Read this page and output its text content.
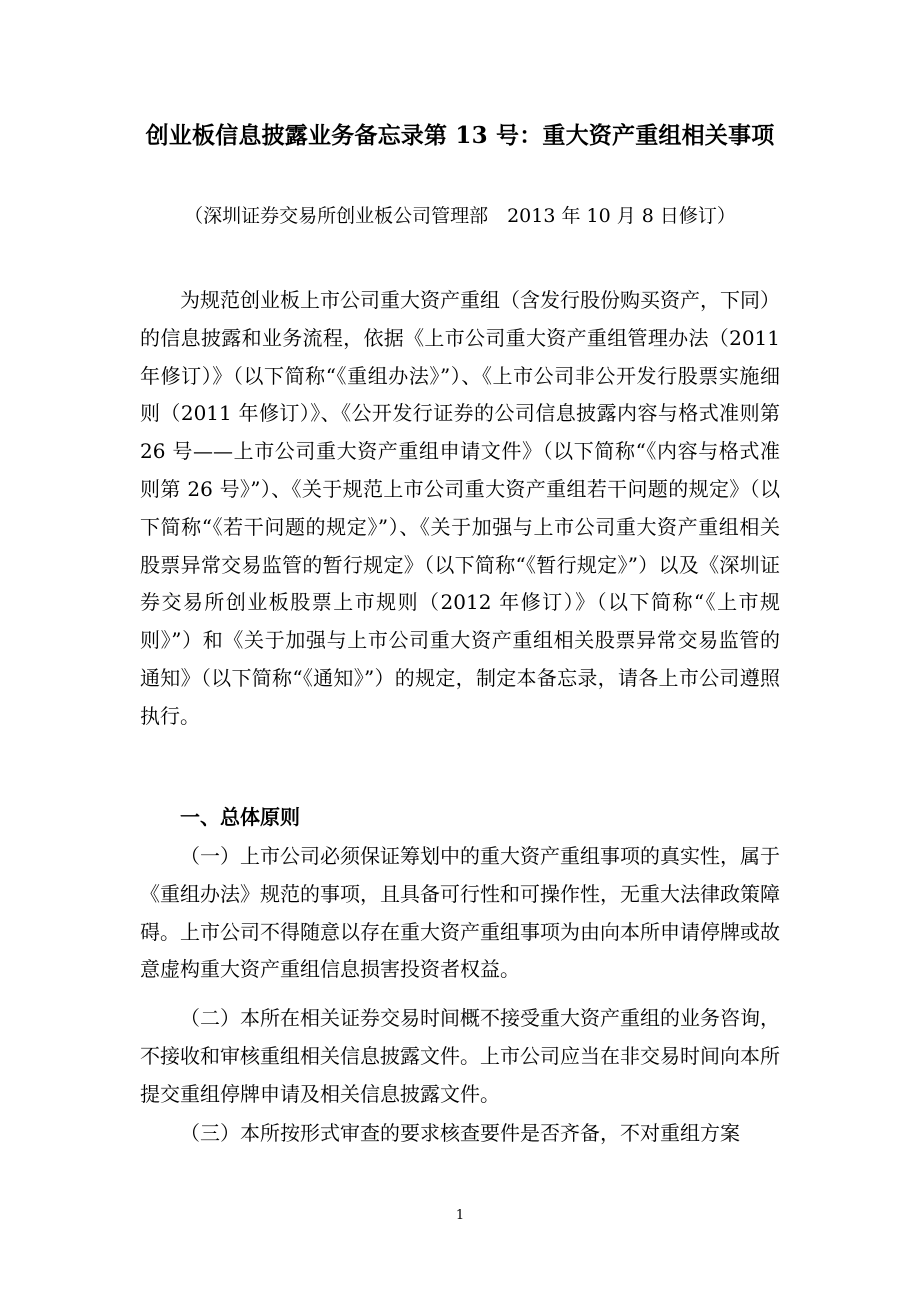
创业板信息披露业务备忘录第 13 号：重大资产重组相关事项
（深圳证券交易所创业板公司管理部　2013 年 10 月 8 日修订）

为规范创业板上市公司重大资产重组（含发行股份购买资产，下同）的信息披露和业务流程，依据《上市公司重大资产重组管理办法（2011 年修订）》（以下简称“《重组办法》”）、《上市公司非公开发行股票实施细则（2011 年修订）》、《公开发行证券的公司信息披露内容与格式准则第 26 号——上市公司重大资产重组申请文件》（以下简称“《内容与格式准则第 26 号》”）、《关于规范上市公司重大资产重组若干问题的规定》（以下简称“《若干问题的规定》”）、《关于加强与上市公司重大资产重组相关股票异常交易监管的暂行规定》（以下简称“《暂行规定》”）以及《深圳证券交易所创业板股票上市规则（2012 年修订）》（以下简称“《上市规则》”）和《关于加强与上市公司重大资产重组相关股票异常交易监管的通知》（以下简称“《通知》”）的规定，制定本备忘录，请各上市公司遵照执行。

一、总体原则

（一）上市公司必须保证筹划中的重大资产重组事项的真实性，属于《重组办法》规范的事项，且具备可行性和可操作性，无重大法律政策障碍。上市公司不得随意以存在重大资产重组事项为由向本所申请停牌或故意虚构重大资产重组信息损害投资者权益。

（二）本所在相关证券交易时间概不接受重大资产重组的业务咨询，不接收和审核重组相关信息披露文件。上市公司应当在非交易时间向本所提交重组停牌申请及相关信息披露文件。

（三）本所按形式审查的要求核查要件是否齐备，不对重组方案

1
